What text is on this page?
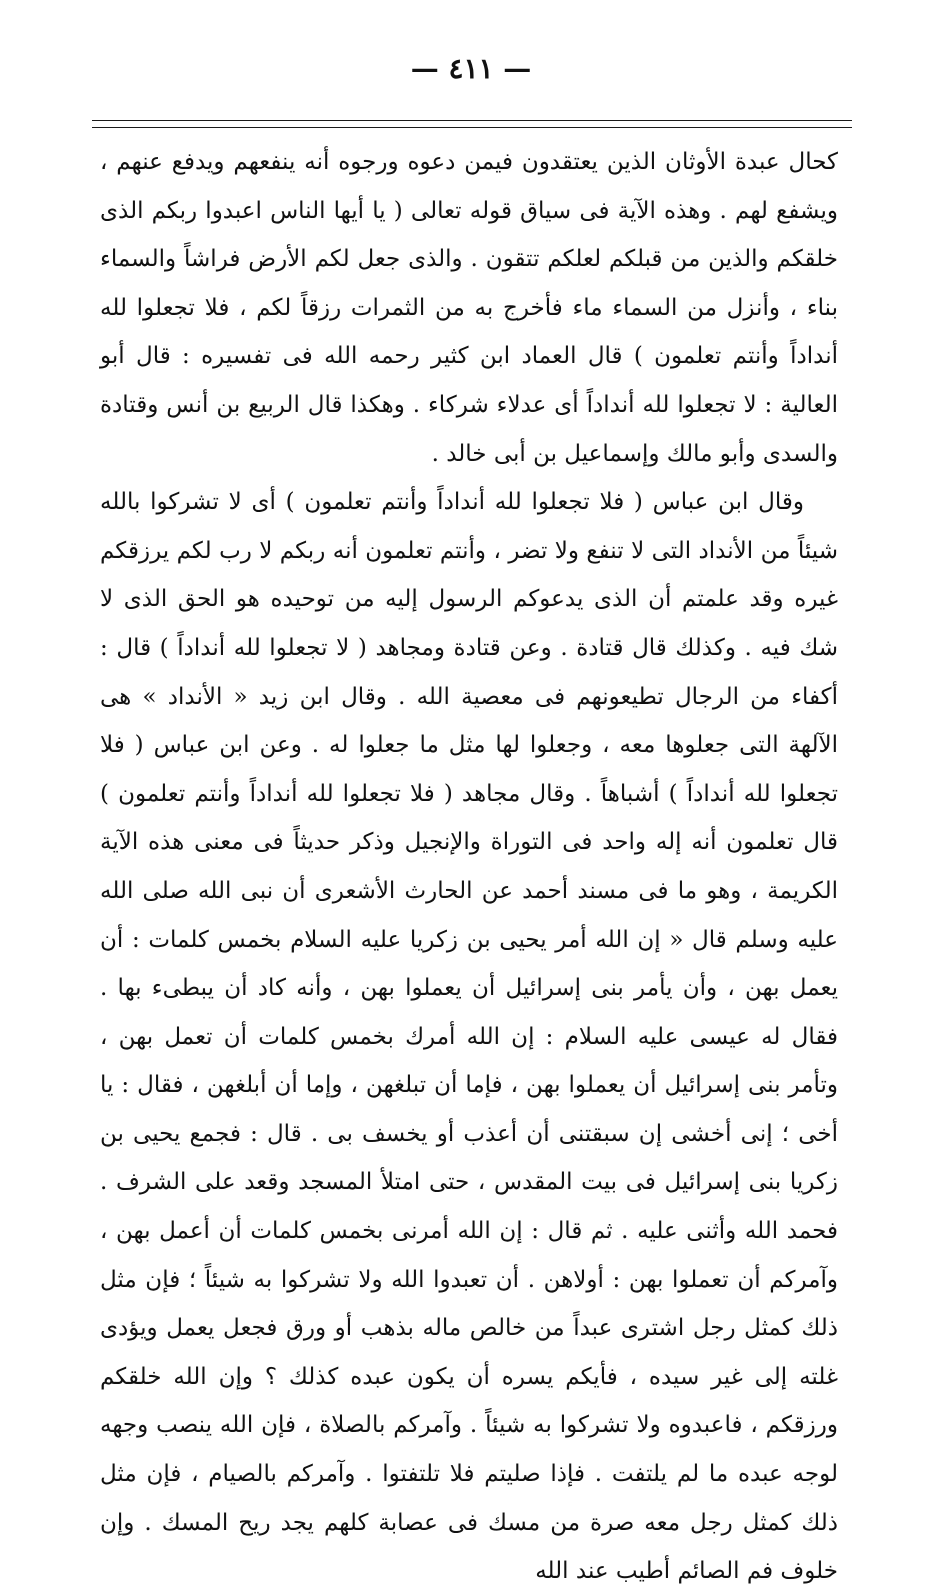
— ٤١١ —

كحال عبدة الأوثان الذين يعتقدون فيمن دعوه ورجوه أنه ينفعهم ويدفع عنهم ، ويشفع لهم . وهذه الآية فى سياق قوله تعالى ( يا أيها الناس اعبدوا ربكم الذى خلقكم والذين من قبلكم لعلكم تتقون . والذى جعل لكم الأرض فراشاً والسماء بناء ، وأنزل من السماء ماء فأخرج به من الثمرات رزقاً لكم ، فلا تجعلوا لله أنداداً وأنتم تعلمون ) قال العماد ابن كثير رحمه الله فى تفسيره : قال أبو العالية : لا تجعلوا لله أنداداً أى عدلاء شركاء . وهكذا قال الربيع بن أنس وقتادة والسدى وأبو مالك وإسماعيل بن أبى خالد .

وقال ابن عباس ( فلا تجعلوا لله أنداداً وأنتم تعلمون ) أى لا تشركوا بالله شيئاً من الأنداد التى لا تنفع ولا تضر ، وأنتم تعلمون أنه ربكم لا رب لكم يرزقكم غيره وقد علمتم أن الذى يدعوكم الرسول إليه من توحيده هو الحق الذى لا شك فيه . وكذلك قال قتادة . وعن قتادة ومجاهد ( لا تجعلوا لله أنداداً ) قال : أكفاء من الرجال تطيعونهم فى معصية الله . وقال ابن زيد « الأنداد » هى الآلهة التى جعلوها معه ، وجعلوا لها مثل ما جعلوا له . وعن ابن عباس ( فلا تجعلوا لله أنداداً ) أشباهاً . وقال مجاهد ( فلا تجعلوا لله أنداداً وأنتم تعلمون ) قال تعلمون أنه إله واحد فى التوراة والإنجيل وذكر حديثاً فى معنى هذه الآية الكريمة ، وهو ما فى مسند أحمد عن الحارث الأشعرى أن نبى الله صلى الله عليه وسلم قال « إن الله أمر يحيى بن زكريا عليه السلام بخمس كلمات : أن يعمل بهن ، وأن يأمر بنى إسرائيل أن يعملوا بهن ، وأنه كاد أن يبطىء بها . فقال له عيسى عليه السلام : إن الله أمرك بخمس كلمات أن تعمل بهن ، وتأمر بنى إسرائيل أن يعملوا بهن ، فإما أن تبلغهن ، وإما أن أبلغهن ، فقال : يا أخى ؛ إنى أخشى إن سبقتنى أن أعذب أو يخسف بى . قال : فجمع يحيى بن زكريا بنى إسرائيل فى بيت المقدس ، حتى امتلأ المسجد وقعد على الشرف . فحمد الله وأثنى عليه . ثم قال : إن الله أمرنى بخمس كلمات أن أعمل بهن ، وآمركم أن تعملوا بهن : أولاهن . أن تعبدوا الله ولا تشركوا به شيئاً ؛ فإن مثل ذلك كمثل رجل اشترى عبداً من خالص ماله بذهب أو ورق فجعل يعمل ويؤدى غلته إلى غير سيده ، فأيكم يسره أن يكون عبده كذلك ؟ وإن الله خلقكم ورزقكم ، فاعبدوه ولا تشركوا به شيئاً . وآمركم بالصلاة ، فإن الله ينصب وجهه لوجه عبده ما لم يلتفت . فإذا صليتم فلا تلتفتوا . وآمركم بالصيام ، فإن مثل ذلك كمثل رجل معه صرة من مسك فى عصابة كلهم يجد ريح المسك . وإن خلوف فم الصائم أطيب عند الله
